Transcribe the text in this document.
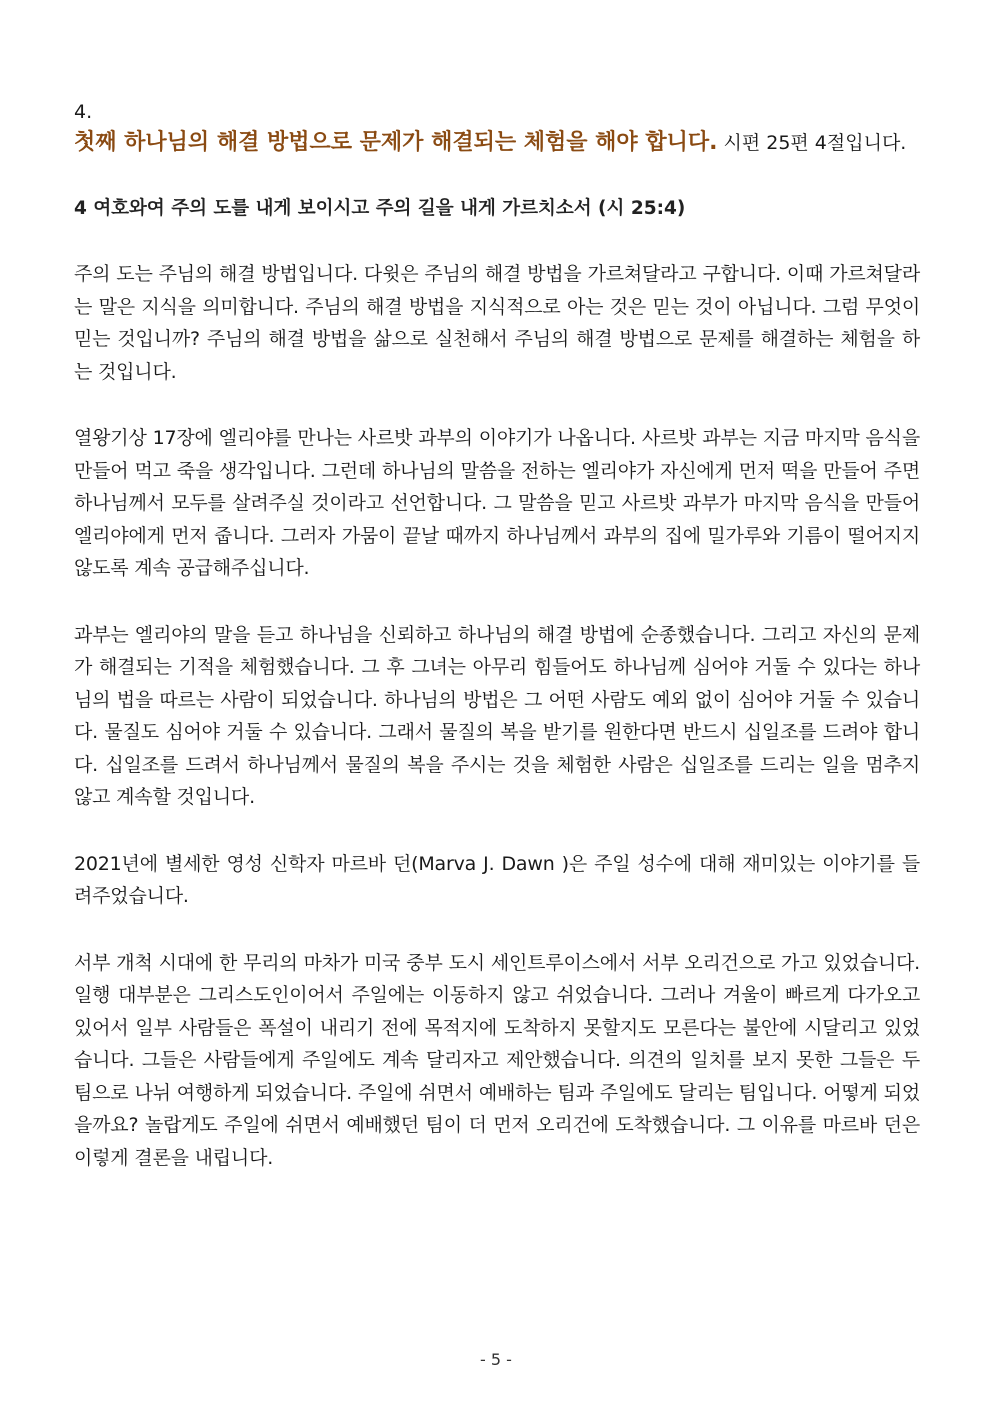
4.

첫째 하나님의 해결 방법으로 문제가 해결되는 체험을 해야 합니다. 시편 25편 4절입니다.

4 여호와여 주의 도를 내게 보이시고 주의 길을 내게 가르치소서 (시 25:4)

주의 도는 주님의 해결 방법입니다. 다윗은 주님의 해결 방법을 가르쳐달라고 구합니다. 이때 가르쳐달라는 말은 지식을 의미합니다. 주님의 해결 방법을 지식적으로 아는 것은 믿는 것이 아닙니다. 그럼 무엇이 믿는 것입니까? 주님의 해결 방법을 삶으로 실천해서 주님의 해결 방법으로 문제를 해결하는 체험을 하는 것입니다.

열왕기상 17장에 엘리야를 만나는 사르밧 과부의 이야기가 나옵니다. 사르밧 과부는 지금 마지막 음식을 만들어 먹고 죽을 생각입니다. 그런데 하나님의 말씀을 전하는 엘리야가 자신에게 먼저 떡을 만들어 주면 하나님께서 모두를 살려주실 것이라고 선언합니다. 그 말씀을 믿고 사르밧 과부가 마지막 음식을 만들어 엘리야에게 먼저 줍니다. 그러자 가뭄이 끝날 때까지 하나님께서 과부의 집에 밀가루와 기름이 떨어지지 않도록 계속 공급해주십니다.

과부는 엘리야의 말을 듣고 하나님을 신뢰하고 하나님의 해결 방법에 순종했습니다. 그리고 자신의 문제가 해결되는 기적을 체험했습니다. 그 후 그녀는 아무리 힘들어도 하나님께 심어야 거둘 수 있다는 하나님의 법을 따르는 사람이 되었습니다. 하나님의 방법은 그 어떤 사람도 예외 없이 심어야 거둘 수 있습니다. 물질도 심어야 거둘 수 있습니다. 그래서 물질의 복을 받기를 원한다면 반드시 십일조를 드려야 합니다. 십일조를 드려서 하나님께서 물질의 복을 주시는 것을 체험한 사람은 십일조를 드리는 일을 멈추지 않고 계속할 것입니다.

2021년에 별세한 영성 신학자 마르바 던(Marva J. Dawn )은 주일 성수에 대해 재미있는 이야기를 들려주었습니다.

서부 개척 시대에 한 무리의 마차가 미국 중부 도시 세인트루이스에서 서부 오리건으로 가고 있었습니다. 일행 대부분은 그리스도인이어서 주일에는 이동하지 않고 쉬었습니다. 그러나 겨울이 빠르게 다가오고 있어서 일부 사람들은 폭설이 내리기 전에 목적지에 도착하지 못할지도 모른다는 불안에 시달리고 있었습니다. 그들은 사람들에게 주일에도 계속 달리자고 제안했습니다. 의견의 일치를 보지 못한 그들은 두 팀으로 나뉘 여행하게 되었습니다. 주일에 쉬면서 예배하는 팀과 주일에도 달리는 팀입니다. 어떻게 되었을까요? 놀랍게도 주일에 쉬면서 예배했던 팀이 더 먼저 오리건에 도착했습니다. 그 이유를 마르바 던은 이렇게 결론을 내립니다.

- 5 -
